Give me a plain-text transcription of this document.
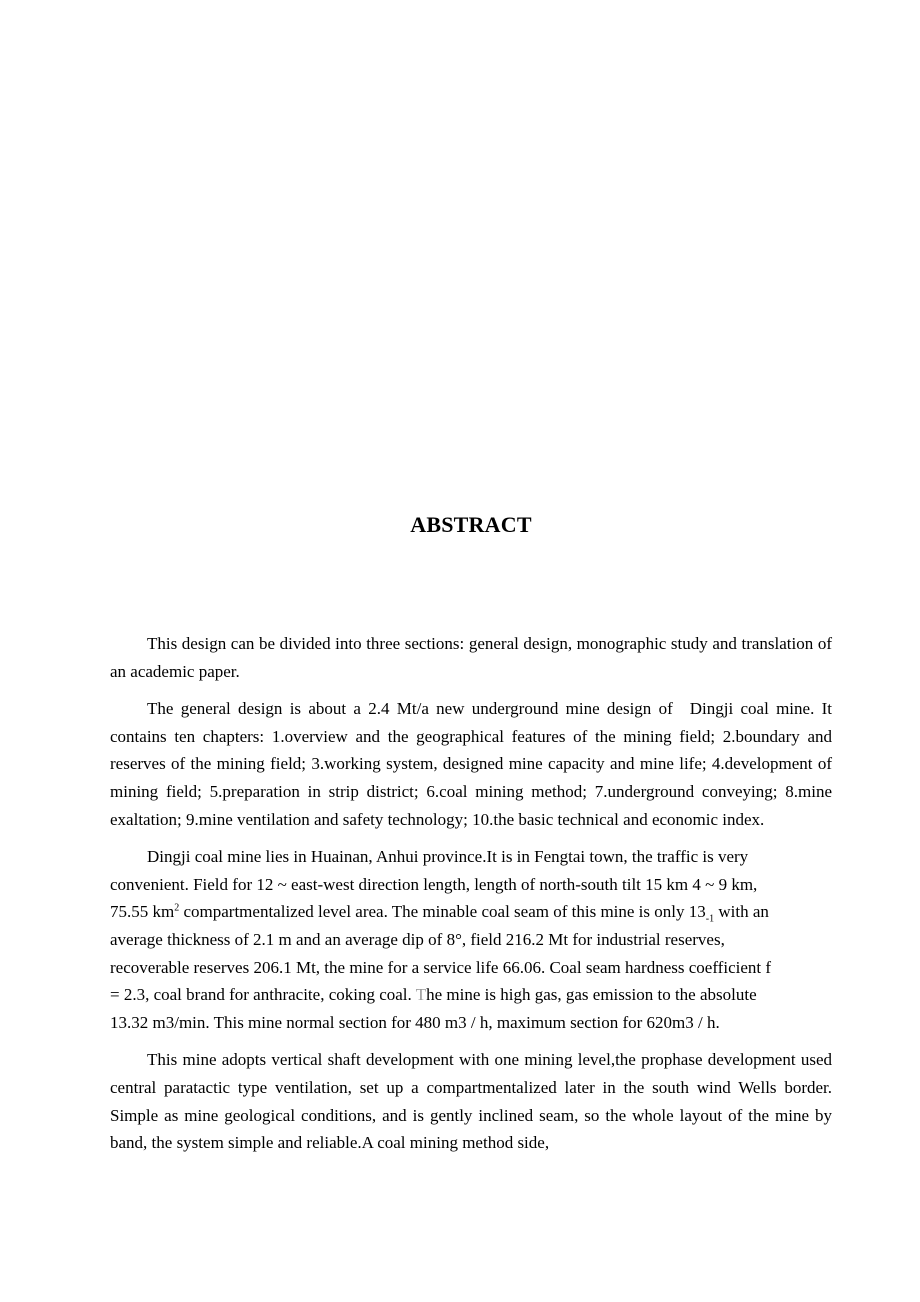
ABSTRACT

This design can be divided into three sections: general design, monographic study and translation of an academic paper.

The general design is about a 2.4 Mt/a new underground mine design of Dingji coal mine. It contains ten chapters: 1.overview and the geographical features of the mining field; 2.boundary and reserves of the mining field; 3.working system, designed mine capacity and mine life; 4.development of mining field; 5.preparation in strip district; 6.coal mining method; 7.underground conveying; 8.mine exaltation; 9.mine ventilation and safety technology; 10.the basic technical and economic index.

Dingji coal mine lies in Huainan, Anhui province.It is in Fengtai town, the traffic is very
convenient. Field for 12 ~ east-west direction length, length of north-south tilt 15 km 4 ~ 9 km,
75.55 $km^2$ compartmentalized level area. The minable coal seam of this mine is only $13_{-1}$ with an
average thickness of 2.1 m and an average dip of 8°, field 216.2 Mt for industrial reserves,
recoverable reserves 206.1 Mt, the mine for a service life 66.06. Coal seam hardness coefficient f
= 2.3, coal brand for anthracite, coking coal. The mine is high gas, gas emission to the absolute
13.32 m3/min. This mine normal section for 480 m3 / h, maximum section for 620m3 / h.

This mine adopts vertical shaft development with one mining level,the prophase development used central paratactic type ventilation, set up a compartmentalized later in the south wind Wells border. Simple as mine geological conditions, and is gently inclined seam, so the whole layout of the mine by band, the system simple and reliable.A coal mining method side,
